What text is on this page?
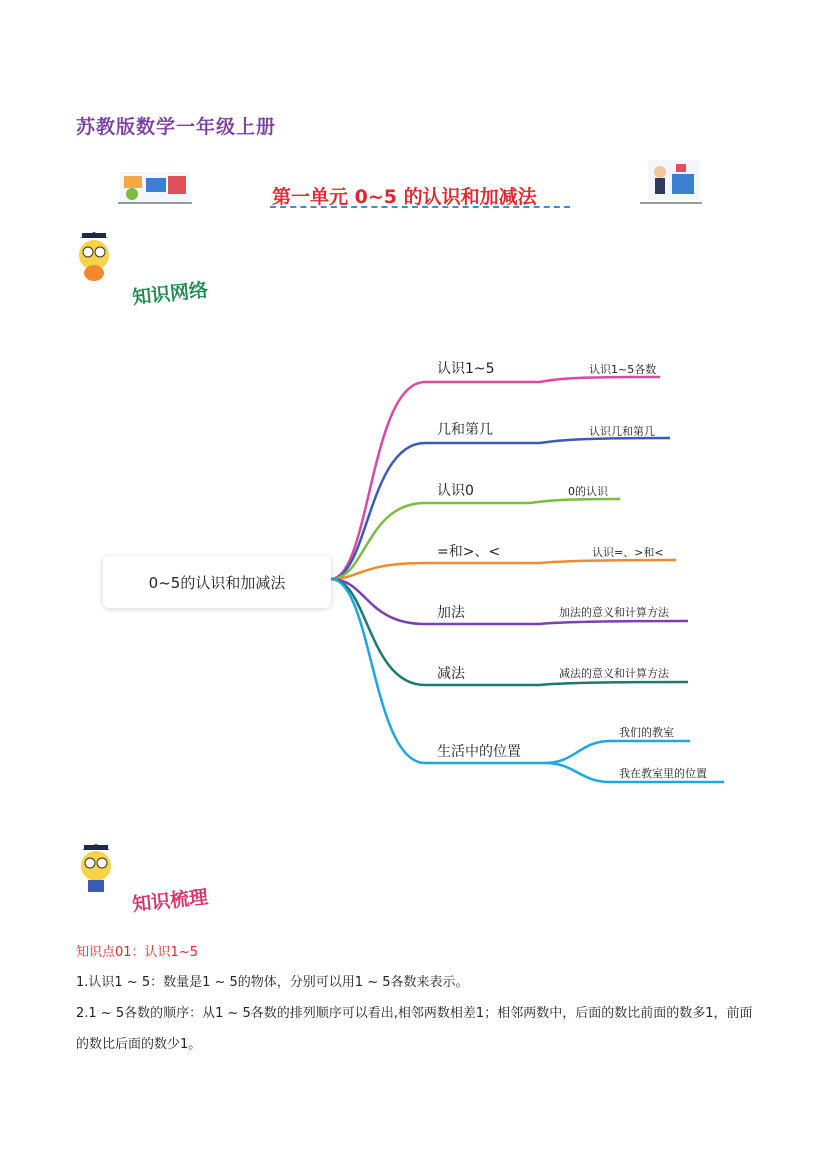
苏教版数学一年级上册
第一单元 0~5 的认识和加减法
知识网络
0~5的认识和加减法
认识1~5	认识1~5各数
几和第几	认识几和第几
认识0	0的认识
=和>、<	认识=、>和<
加法	加法的意义和计算方法
减法	减法的意义和计算方法
生活中的位置
我们的教室
我在教室里的位置
知识梳理
知识点01：认识1~5
1.认识1 ~ 5：数量是1 ~ 5的物体，分别可以用1 ~ 5各数来表示。
2.1 ~ 5各数的顺序：从1 ~ 5各数的排列顺序可以看出,相邻两数相差1；相邻两数中，后面的数比前面的数多1，前面的数比后面的数少1。
